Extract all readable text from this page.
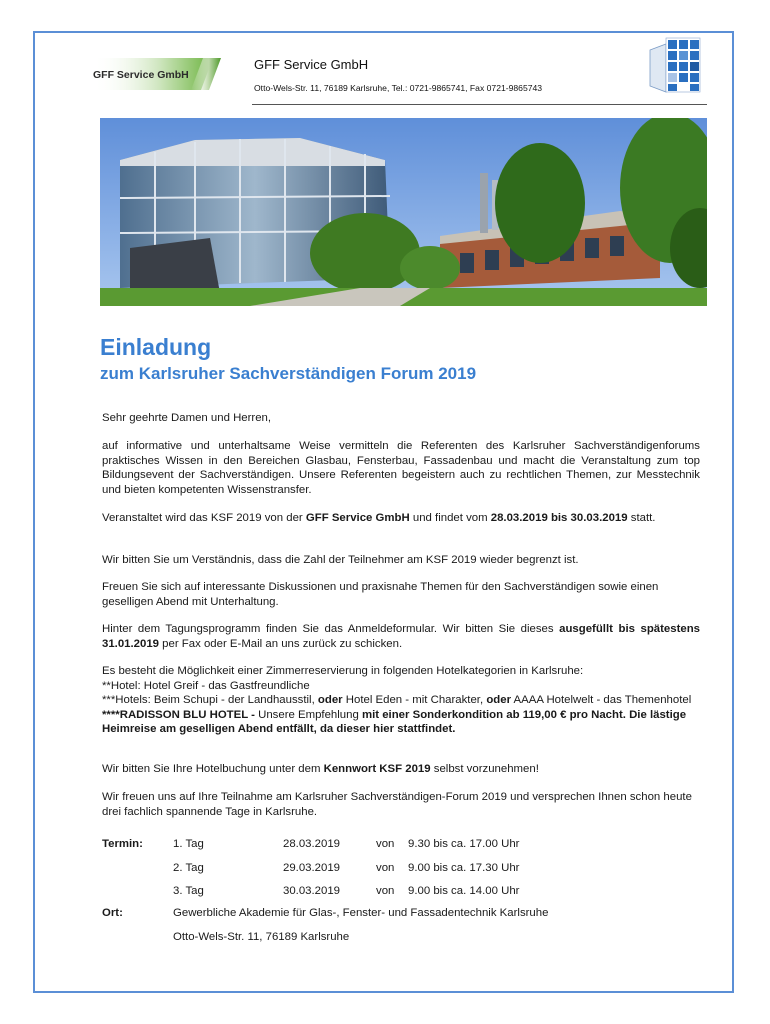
GFF Service GmbH
GFF Service GmbH
Otto-Wels-Str. 11, 76189 Karlsruhe, Tel.: 0721-9865741, Fax 0721-9865743
Einladung
zum Karlsruher Sachverständigen Forum 2019
Sehr geehrte Damen und Herren,
auf informative und unterhaltsame Weise vermitteln die Referenten des Karlsruher Sachverständigenforums praktisches Wissen in den Bereichen Glasbau, Fensterbau, Fassadenbau und macht die Veranstaltung zum top Bildungsevent der Sachverständigen. Unsere Referenten begeistern auch zu rechtlichen Themen, zur Messtechnik und bieten kompetenten Wissenstransfer.
Veranstaltet wird das KSF 2019 von der GFF Service GmbH und findet vom 28.03.2019 bis 30.03.2019 statt.
Wir bitten Sie um Verständnis, dass die Zahl der Teilnehmer am KSF 2019 wieder begrenzt ist.
Freuen Sie sich auf interessante Diskussionen und praxisnahe Themen für den Sachverständigen sowie einen geselligen Abend mit Unterhaltung.
Hinter dem Tagungsprogramm finden Sie das Anmeldeformular. Wir bitten Sie dieses ausgefüllt bis spätestens 31.01.2019 per Fax oder E-Mail an uns zurück zu schicken.
Es besteht die Möglichkeit einer Zimmerreservierung in folgenden Hotelkategorien in Karlsruhe:
**Hotel: Hotel Greif - das Gastfreundliche
***Hotels: Beim Schupi - der Landhausstil, oder Hotel Eden - mit Charakter, oder AAAA Hotelwelt - das Themenhotel
****RADISSON BLU HOTEL - Unsere Empfehlung mit einer Sonderkondition ab 119,00 € pro Nacht. Die lästige Heimreise am geselligen Abend entfällt, da dieser hier stattfindet.
Wir bitten Sie Ihre Hotelbuchung unter dem Kennwort KSF 2019 selbst vorzunehmen!
Wir freuen uns auf Ihre Teilnahme am Karlsruher Sachverständigen-Forum 2019 und versprechen Ihnen schon heute drei fachlich spannende Tage in Karlsruhe.
Termin:	1. Tag	28.03.2019	von 9.30 bis ca. 17.00 Uhr
2. Tag	29.03.2019	von 9.00 bis ca. 17.30 Uhr
3. Tag	30.03.2019	von 9.00 bis ca. 14.00 Uhr
Ort:	Gewerbliche Akademie für Glas-, Fenster- und Fassadentechnik Karlsruhe
Otto-Wels-Str. 11, 76189 Karlsruhe
